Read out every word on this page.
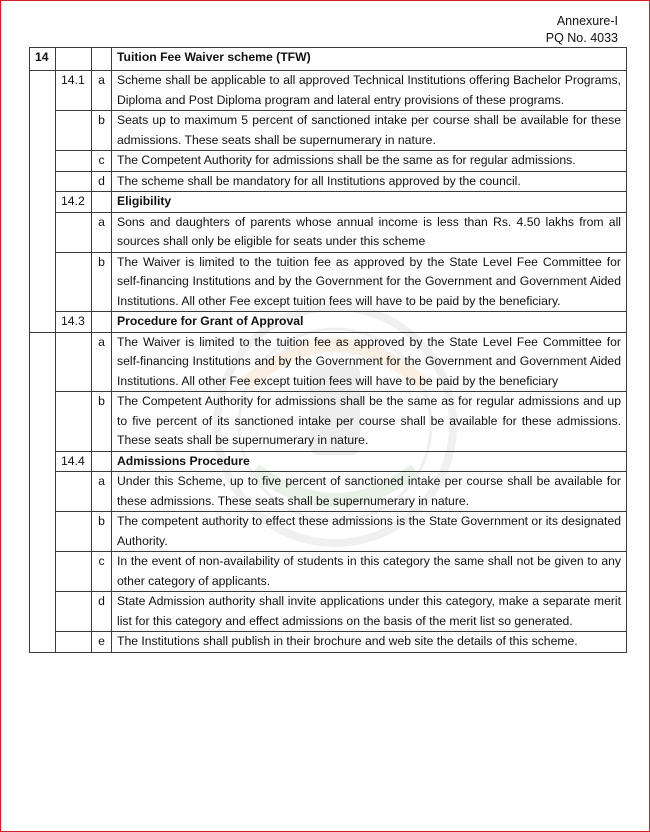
Annexure-I
PQ No. 4033
14			Tuition Fee Waiver scheme (TFW)
	14.1	a	Scheme shall be applicable to all approved Technical Institutions offering Bachelor Programs, Diploma and Post Diploma program and lateral entry provisions of these programs.
		b	Seats up to maximum 5 percent of sanctioned intake per course shall be available for these admissions. These seats shall be supernumerary in nature.
		c	The Competent Authority for admissions shall be the same as for regular admissions.
		d	The scheme shall be mandatory for all Institutions approved by the council.
	14.2		Eligibility
		a	Sons and daughters of parents whose annual income is less than Rs. 4.50 lakhs from all sources shall only be eligible for seats under this scheme
		b	The Waiver is limited to the tuition fee as approved by the State Level Fee Committee for self-financing Institutions and by the Government for the Government and Government Aided Institutions. All other Fee except tuition fees will have to be paid by the beneficiary.
	14.3		Procedure for Grant of Approval
		a	The Waiver is limited to the tuition fee as approved by the State Level Fee Committee for self-financing Institutions and by the Government for the Government and Government Aided Institutions. All other Fee except tuition fees will have to be paid by the beneficiary
		b	The Competent Authority for admissions shall be the same as for regular admissions and up to five percent of its sanctioned intake per course shall be available for these admissions. These seats shall be supernumerary in nature.
	14.4		Admissions Procedure
		a	Under this Scheme, up to five percent of sanctioned intake per course shall be available for these admissions. These seats shall be supernumerary in nature.
		b	The competent authority to effect these admissions is the State Government or its designated Authority.
		c	In the event of non-availability of students in this category the same shall not be given to any other category of applicants.
		d	State Admission authority shall invite applications under this category, make a separate merit list for this category and effect admissions on the basis of the merit list so generated.
		e	The Institutions shall publish in their brochure and web site the details of this scheme.
